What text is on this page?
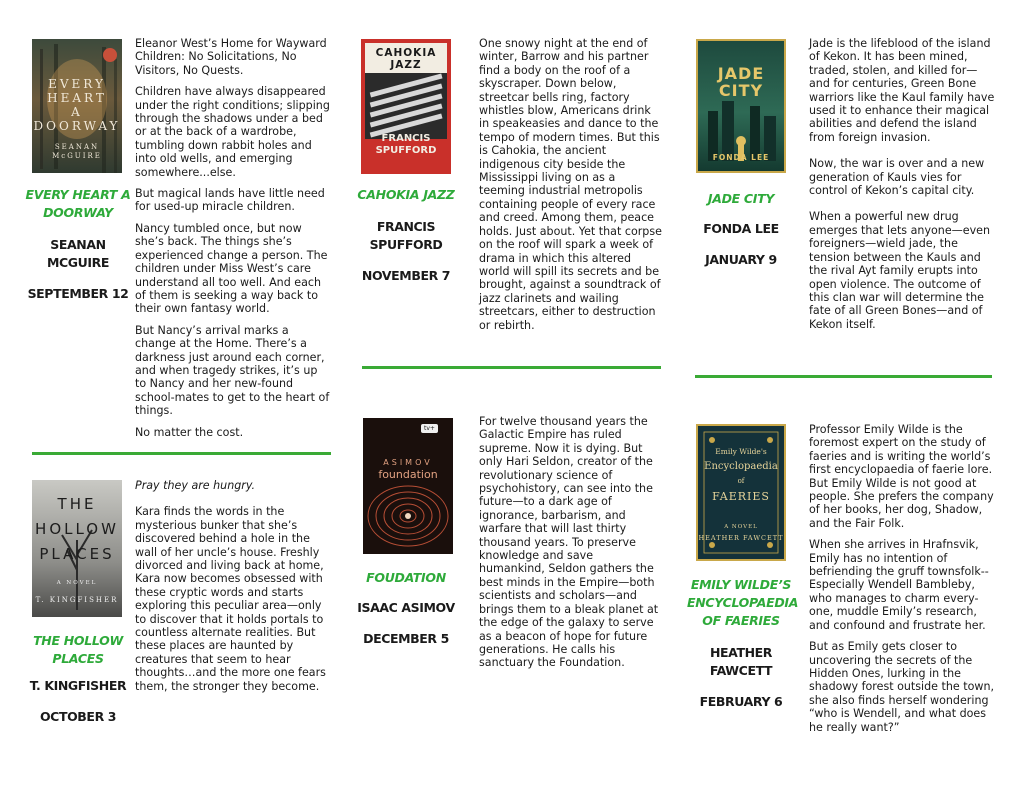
EVERY
HEART
A
DOORWAY
SEANAN
McGUIRE
EVERY HEART A
DOORWAY
SEANAN
MCGUIRE
SEPTEMBER 12

Eleanor West’s Home for Wayward Children: No Solicitations, No Visitors, No Quests.

Children have always disappeared under the right conditions; slipping through the shadows under a bed or at the back of a wardrobe, tumbling down rabbit holes and into old wells, and emerging somewhere...else.

But magical lands have little need for used-up miracle children.

Nancy tumbled once, but now she’s back. The things she’s experienced change a person. The children under Miss West’s care understand all too well. And each of them is seeking a way back to their own fantasy world.

But Nancy’s arrival marks a change at the Home. There’s a darkness just around each corner, and when tragedy strikes, it’s up to Nancy and her new-found school-mates to get to the heart of things.

No matter the cost.

CAHOKIA
JAZZ
FRANCIS
SPUFFORD
CAHOKIA JAZZ
FRANCIS
SPUFFORD
NOVEMBER 7

One snowy night at the end of winter, Barrow and his partner find a body on the roof of a skyscraper. Down below, streetcar bells ring, factory whistles blow, Americans drink in speakeasies and dance to the tempo of modern times. But this is Cahokia, the ancient indigenous city beside the Mississippi living on as a teeming industrial metropolis containing people of every race and creed. Among them, peace holds. Just about. Yet that corpse on the roof will spark a week of drama in which this altered world will spill its secrets and be brought, against a soundtrack of jazz clarinets and wailing streetcars, either to destruction or rebirth.

JADE
CITY
FONDA LEE
JADE CITY
FONDA LEE
JANUARY 9

Jade is the lifeblood of the island of Kekon. It has been mined, traded, stolen, and killed for—and for centuries, Green Bone warriors like the Kaul family have used it to enhance their magical abilities and defend the island from foreign invasion.

Now, the war is over and a new generation of Kauls vies for control of Kekon’s capital city.

When a powerful new drug emerges that lets anyone—even foreigners—wield jade, the tension between the Kauls and the rival Ayt family erupts into open violence. The outcome of this clan war will determine the fate of all Green Bones—and of Kekon itself.

THE
HOLLOW
PLACES
A NOVEL
T. KINGFISHER
THE HOLLOW
PLACES
T. KINGFISHER
OCTOBER 3

Pray they are hungry.

Kara finds the words in the mysterious bunker that she’s discovered behind a hole in the wall of her uncle’s house. Freshly divorced and living back at home, Kara now becomes obsessed with these cryptic words and starts exploring this peculiar area—only to discover that it holds portals to countless alternate realities. But these places are haunted by creatures that seem to hear thoughts…and the more one fears them, the stronger they become.

tv+
ASIMOV
foundation
FOUDATION
ISAAC ASIMOV
DECEMBER 5

For twelve thousand years the Galactic Empire has ruled supreme. Now it is dying. But only Hari Seldon, creator of the revolutionary science of psychohistory, can see into the future—to a dark age of ignorance, barbarism, and warfare that will last thirty thousand years. To preserve knowledge and save humankind, Seldon gathers the best minds in the Empire—both scientists and scholars—and brings them to a bleak planet at the edge of the galaxy to serve as a beacon of hope for future generations. He calls his sanctuary the Foundation.

Emily Wilde's
Encyclopaedia
of
FAERIES
A NOVEL
HEATHER FAWCETT
EMILY WILDE’S
ENCYCLOPAEDIA
OF FAERIES
HEATHER
FAWCETT
FEBRUARY 6

Professor Emily Wilde is the foremost expert on the study of faeries and is writing the world’s first encyclopaedia of faerie lore. But Emily Wilde is not good at people. She prefers the company of her books, her dog, Shadow, and the Fair Folk.

When she arrives in Hrafnsvik, Emily has no intention of befriending the gruff townsfolk-- Especially Wendell Bambleby, who manages to charm every-one, muddle Emily’s research, and confound and frustrate her.

But as Emily gets closer to uncovering the secrets of the Hidden Ones, lurking in the shadowy forest outside the town, she also finds herself wondering “who is Wendell, and what does he really want?”
